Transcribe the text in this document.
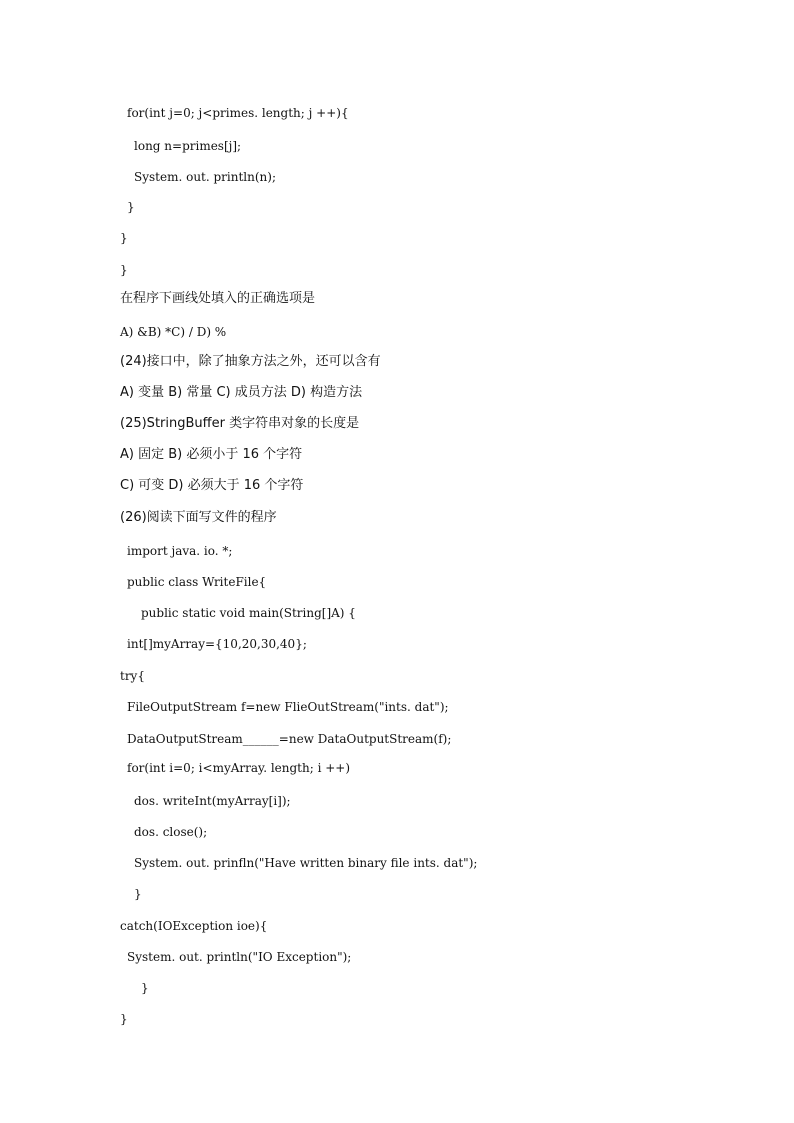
for(int j=0; j<primes. length; j ++){
long n=primes[j];
System. out. println(n);
}
}
}
在程序下画线处填入的正确选项是
A) &B) *C) / D) %
(24)接口中，除了抽象方法之外，还可以含有
A) 变量 B) 常量 C) 成员方法 D) 构造方法
(25)StringBuffer 类字符串对象的长度是
A) 固定 B) 必须小于 16 个字符
C) 可变 D) 必须大于 16 个字符
(26)阅读下面写文件的程序
import java. io. *;
public class WriteFile{
public static void main(String[]A) {
int[]myArray={10,20,30,40};
try{
FileOutputStream f=new FlieOutStream("ints. dat");
DataOutputStream______=new DataOutputStream(f);
for(int i=0; i<myArray. length; i ++)
dos. writeInt(myArray[i]);
dos. close();
System. out. prinfln("Have written binary file ints. dat");
}
catch(IOException ioe){
System. out. println("IO Exception");
}
}
